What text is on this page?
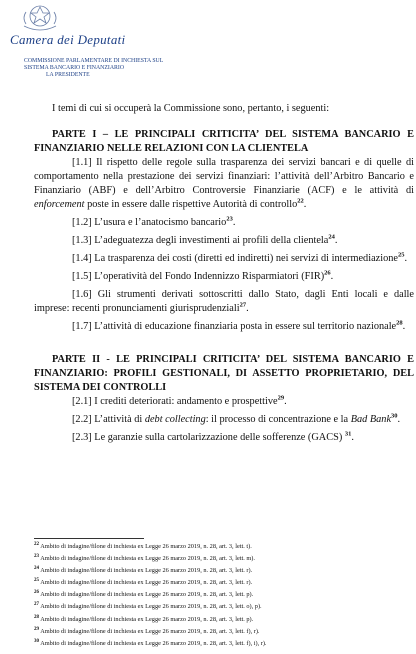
Camera dei Deputati
COMMISSIONE PARLAMENTARE DI INCHIESTA SUL
SISTEMA BANCARIO E FINANZIARIO
LA PRESIDENTE

I temi di cui si occuperà la Commissione sono, pertanto, i seguenti:

PARTE I – LE PRINCIPALI CRITICITA’ DEL SISTEMA BANCARIO E FINANZIARIO NELLE RELAZIONI CON LA CLIENTELA

[1.1] Il rispetto delle regole sulla trasparenza dei servizi bancari e di quelle di comportamento nella prestazione dei servizi finanziari: l’attività dell’Arbitro Bancario e Finanziario (ABF) e dell’Arbitro Controversie Finanziarie (ACF) e le attività di enforcement poste in essere dalle rispettive Autorità di controllo$^{22}$.

[1.2] L’usura e l’anatocismo bancario$^{23}$.

[1.3] L’adeguatezza degli investimenti ai profili della clientela$^{24}$.

[1.4] La trasparenza dei costi (diretti ed indiretti) nei servizi di intermediazione$^{25}$.

[1.5] L’operatività del Fondo Indennizzo Risparmiatori (FIR)$^{26}$.

[1.6] Gli strumenti derivati sottoscritti dallo Stato, dagli Enti locali e dalle imprese: recenti pronunciamenti giurisprudenziali$^{27}$.

[1.7] L’attività di educazione finanziaria posta in essere sul territorio nazionale$^{28}$.

PARTE II - LE PRINCIPALI CRITICITA’ DEL SISTEMA BANCARIO E FINANZIARIO: PROFILI GESTIONALI, DI ASSETTO PROPRIETARIO, DEL SISTEMA DEI CONTROLLI

[2.1] I crediti deteriorati: andamento e prospettive$^{29}$.

[2.2] L’attività di debt collecting: il processo di concentrazione e la Bad Bank$^{30}$.

[2.3] Le garanzie sulla cartolarizzazione delle sofferenze (GACS) $^{31}$.

$^{22}$ Ambito di indagine/filone di inchiesta ex Legge 26 marzo 2019, n. 28, art. 3, lett. t).
$^{23}$ Ambito di indagine/filone di inchiesta ex Legge 26 marzo 2019, n. 28, art. 3, lett. m).
$^{24}$ Ambito di indagine/filone di inchiesta ex Legge 26 marzo 2019, n. 28, art. 3, lett. r).
$^{25}$ Ambito di indagine/filone di inchiesta ex Legge 26 marzo 2019, n. 28, art. 3, lett. r).
$^{26}$ Ambito di indagine/filone di inchiesta ex Legge 26 marzo 2019, n. 28, art. 3, lett. p).
$^{27}$ Ambito di indagine/filone di inchiesta ex Legge 26 marzo 2019, n. 28, art. 3, lett. o), p).
$^{28}$ Ambito di indagine/filone di inchiesta ex Legge 26 marzo 2019, n. 28, art. 3, lett. p).
$^{29}$ Ambito di indagine/filone di inchiesta ex Legge 26 marzo 2019, n. 28, art. 3, lett. f), r).
$^{30}$ Ambito di indagine/filone di inchiesta ex Legge 26 marzo 2019, n. 28, art. 3, lett. f), i), r).
